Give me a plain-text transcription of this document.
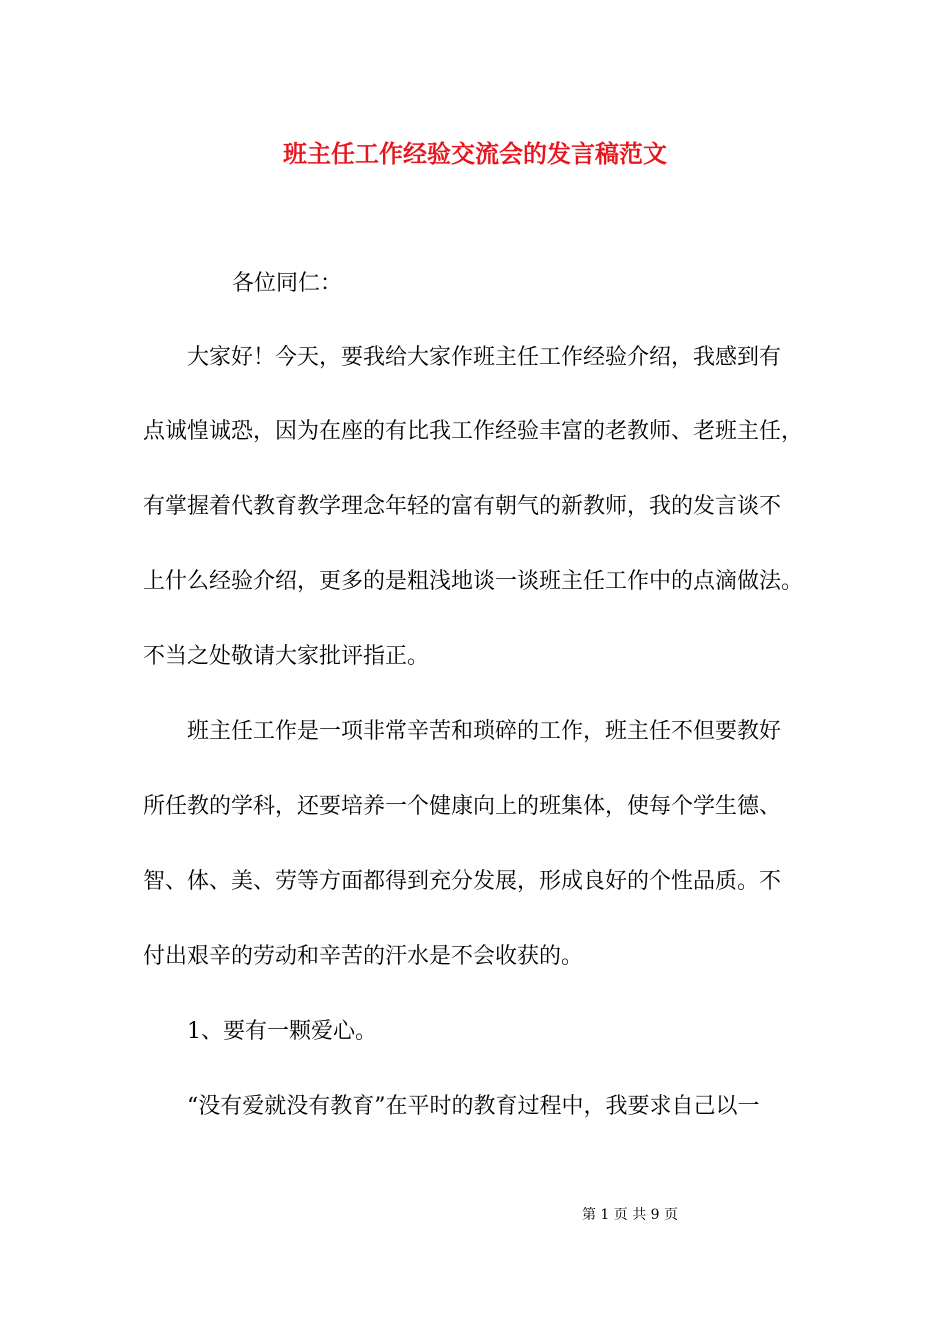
班主任工作经验交流会的发言稿范文
各位同仁：
大家好！今天，要我给大家作班主任工作经验介绍，我感到有
点诚惶诚恐，因为在座的有比我工作经验丰富的老教师、老班主任，
有掌握着代教育教学理念年轻的富有朝气的新教师，我的发言谈不
上什么经验介绍，更多的是粗浅地谈一谈班主任工作中的点滴做法。
不当之处敬请大家批评指正。
班主任工作是一项非常辛苦和琐碎的工作，班主任不但要教好
所任教的学科，还要培养一个健康向上的班集体，使每个学生德、
智、体、美、劳等方面都得到充分发展，形成良好的个性品质。不
付出艰辛的劳动和辛苦的汗水是不会收获的。
1、要有一颗爱心。
“没有爱就没有教育”在平时的教育过程中，我要求自己以一
第 1 页 共 9 页
